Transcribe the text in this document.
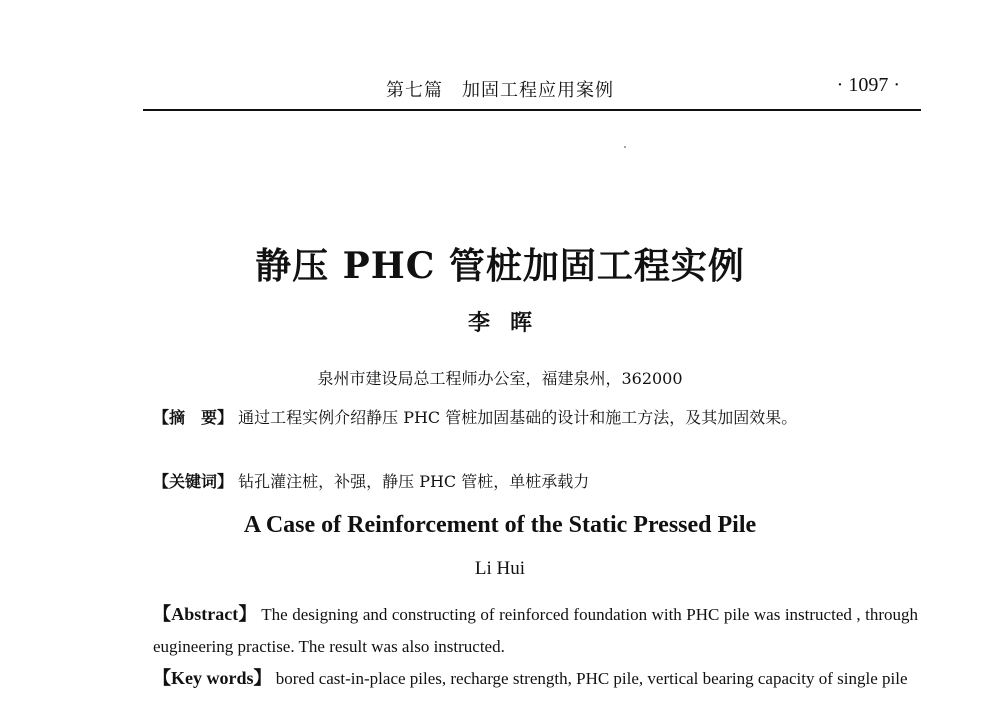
第七篇　加固工程应用案例	· 1097 ·
静压 PHC 管桩加固工程实例
李晖
泉州市建设局总工程师办公室，福建泉州，362000
【摘　要】 通过工程实例介绍静压 PHC 管桩加固基础的设计和施工方法，及其加固效果。
【关键词】 钻孔灌注桩，补强，静压 PHC 管桩，单桩承载力
A Case of Reinforcement of the Static Pressed Pile
Li Hui
【Abstract】 The designing and constructing of reinforced foundation with PHC pile was instructed , through eugineering practise. The result was also instructed.
【Key words】 bored cast-in-place piles, recharge strength, PHC pile, vertical bearing capacity of single pile
